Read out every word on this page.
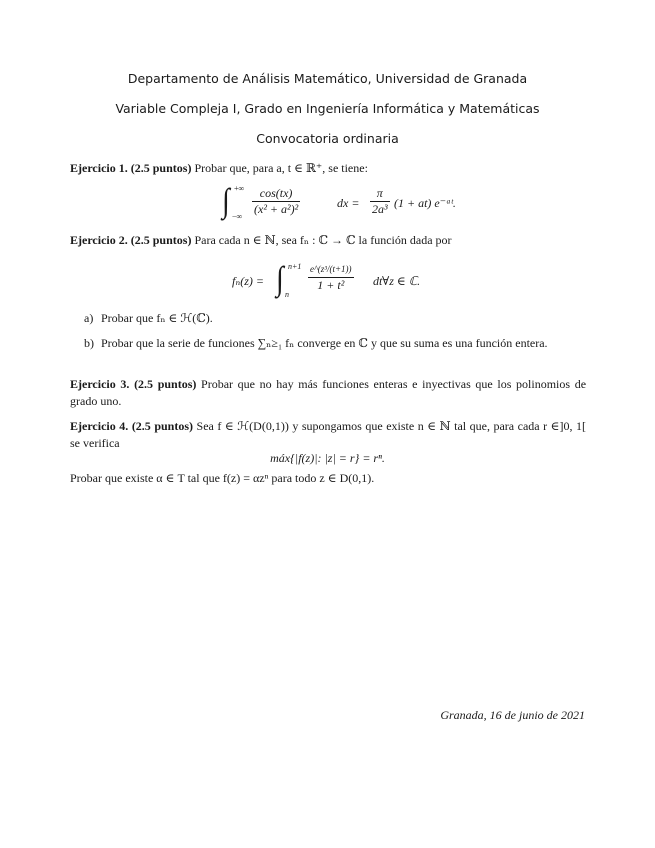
Departamento de Análisis Matemático, Universidad de Granada
Variable Compleja I, Grado en Ingeniería Informática y Matemáticas
Convocatoria ordinaria
Ejercicio 1. (2.5 puntos) Probar que, para a, t ∈ ℝ⁺, se tiene:
∫ +∞
−∞ $\frac{\cos(tx)}{\text{(x² + a²)²}}$	dx = $\frac{\pi}{\text{2a³}} (1 + at)$ e⁻ᵃᵗ.
Ejercicio 2. (2.5 puntos) Para cada n ∈ ℕ, sea fₙ : ℂ → ℂ la función dada por
fₙ(z) = ∫ n+1
n
e^(z³/(t+1))
1 + t²	dt ∀z ∈ ℂ.
a) Probar que fₙ ∈ ℋ(ℂ).
b) Probar que la serie de funciones ∑ₙ≥₁ fₙ converge en ℂ y que su suma es una función entera.
Ejercicio 3. (2.5 puntos) Probar que no hay más funciones enteras e inyectivas que los polinomios de grado uno.
Ejercicio 4. (2.5 puntos) Sea f ∈ ℋ(D(0,1)) y supongamos que existe n ∈ ℕ tal que, para cada r ∈]0, 1[ se verifica
máx{|f(z)|: |z| = r} = rⁿ.
Probar que existe α ∈ T tal que f(z) = αzⁿ para todo z ∈ D(0,1).
Granada, 16 de junio de 2021
